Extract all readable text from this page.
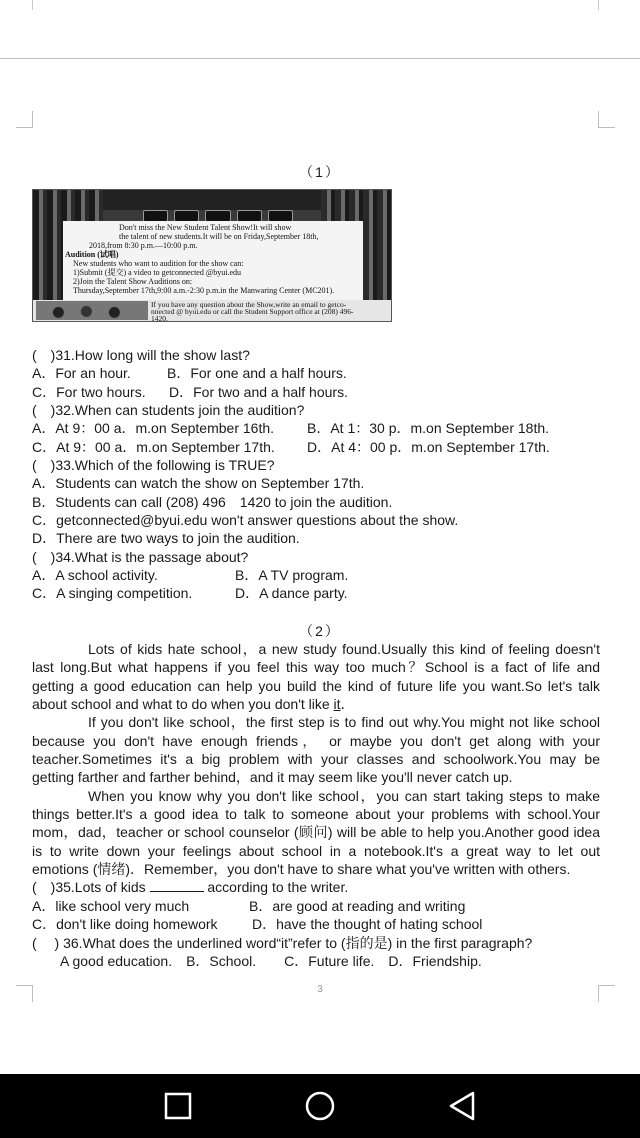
（1）
Don't miss the New Student Talent Show!It will show
the talent of new students.It will be on Friday,September 18th,
2018,from 8:30 p.m.—10:00 p.m.
Audition (试唱)
New students who want to audition for the show can:
1)Submit (提交) a video to getconnected @byui.edu
2)Join the Talent Show Auditions on:
Thursday,September 17th,9:00 a.m.-2:30 p.m.in the Manwaring Center (MC201).
If you have any question about the Show,write an email to getco-
nnected @ byui.edu or call the Student Support office at (208) 496-
1420.
(　)31.How long will the show last?
A．For an hour.	B．For one and a half hours.
C．For two hours. D．For two and a half hours.
(　)32.When can students join the audition?
A．At 9：00 a．m.on September 16th. B．At 1：30 p．m.on September 18th.
C．At 9：00 a．m.on September 17th. D．At 4：00 p．m.on September 17th.
(　)33.Which of the following is TRUE?
A．Students can watch the show on September 17th.
B．Students can call (208) 496　1420 to join the audition.
C．getconnected@byui.edu won't answer questions about the show.
D．There are two ways to join the audition.
(　)34.What is the passage about?
A．A school activity.	B．A TV program.
C．A singing competition.	D．A dance party.
（2）
Lots of kids hate school，a new study found.Usually this kind of feeling doesn't
last long.But what happens if you feel this way too much？School is a fact of life and
getting a good education can help you build the kind of future life you want.So let's talk
about school and what to do when you don't like it．
If you don't like school，the first step is to find out why.You might not like school
because you don't have enough friends， or maybe you don't get along with your
teacher.Sometimes it's a big problem with your classes and schoolwork.You may be
getting farther and farther behind，and it may seem like you'll never catch up.
When you know why you don't like school，you can start taking steps to make
things better.It's a good idea to talk to someone about your problems with school.Your
mom，dad，teacher or school counselor (顾问) will be able to help you.Another good idea
is to write down your feelings about school in a notebook.It's a great way to let out
emotions (情绪)．Remember，you don't have to share what you've written with others.
(　)35.Lots of kids	according to the writer.
A．like school very much	B．are good at reading and writing
C．don't like doing homework D．have the thought of hating school
(　 ) 36.What does the underlined word“it”refer to (指的是) in the first paragraph?
A good education.　B．School.　　C．Future life.　D．Friendship.
3
